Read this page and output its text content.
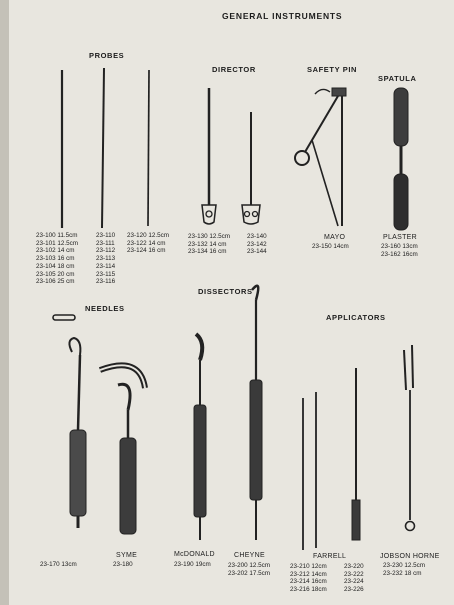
GENERAL INSTRUMENTS
PROBES
23-100 11.5cm
23-101 12.5cm
23-102 14 cm
23-103 16 cm
23-104 18 cm
23-105 20 cm
23-106 25 cm
23-110
23-111
23-112
23-113
23-114
23-115
23-116
23-120 12.5cm
23-122 14 cm
23-124 16 cm
DIRECTOR
23-130 12.5cm
23-132 14 cm
23-134 16 cm
23-140
23-142
23-144
SAFETY PIN
MAYO
23-150 14cm
SPATULA
PLASTER
23-160 13cm
23-162 16cm
NEEDLES
23-170 13cm
SYME
23-180
DISSECTORS
McDONALD
23-190 19cm
CHEYNE
23-200 12.5cm
23-202 17.5cm
APPLICATORS
FARRELL
23-210 12cm
23-212 14cm
23-214 16cm
23-216 18cm
23-220
23-222
23-224
23-226
JOBSON HORNE
23-230 12.5cm
23-232 18 cm
